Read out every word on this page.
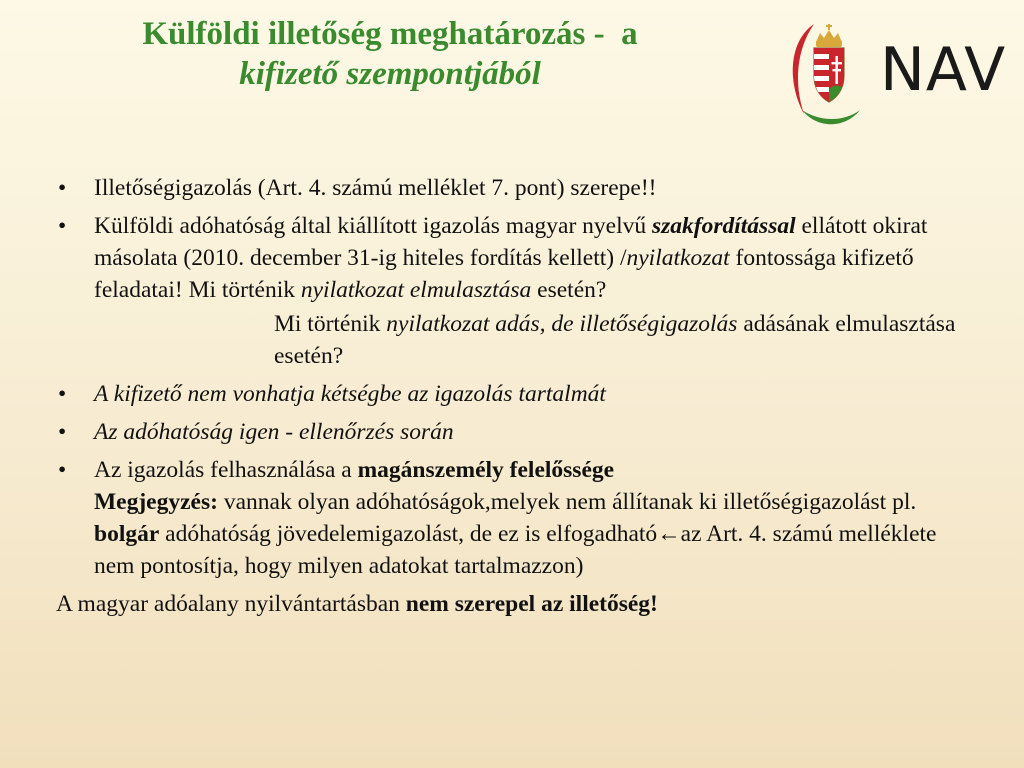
Külföldi illetőség meghatározás -  a
kifizető szempontjából	NAV
• Illetőségigazolás (Art. 4. számú melléklet 7. pont) szerepe!!
• Külföldi adóhatóság által kiállított igazolás magyar nyelvű szakfordítással ellátott okirat másolata (2010. december 31-ig hiteles fordítás kellett) /nyilatkozat fontossága kifizető feladatai! Mi történik nyilatkozat elmulasztása esetén?
Mi történik nyilatkozat adás, de illetőségigazolás adásának elmulasztása esetén?
• A kifizető nem vonhatja kétségbe az igazolás tartalmát
• Az adóhatóság igen - ellenőrzés során
• Az igazolás felhasználása a magánszemély felelőssége
Megjegyzés: vannak olyan adóhatóságok,melyek nem állítanak ki illetőségigazolást pl. bolgár adóhatóság jövedelemigazolást, de ez is elfogadható←az Art. 4. számú melléklete nem pontosítja, hogy milyen adatokat tartalmazzon)
A magyar adóalany nyilvántartásban nem szerepel az illetőség!
